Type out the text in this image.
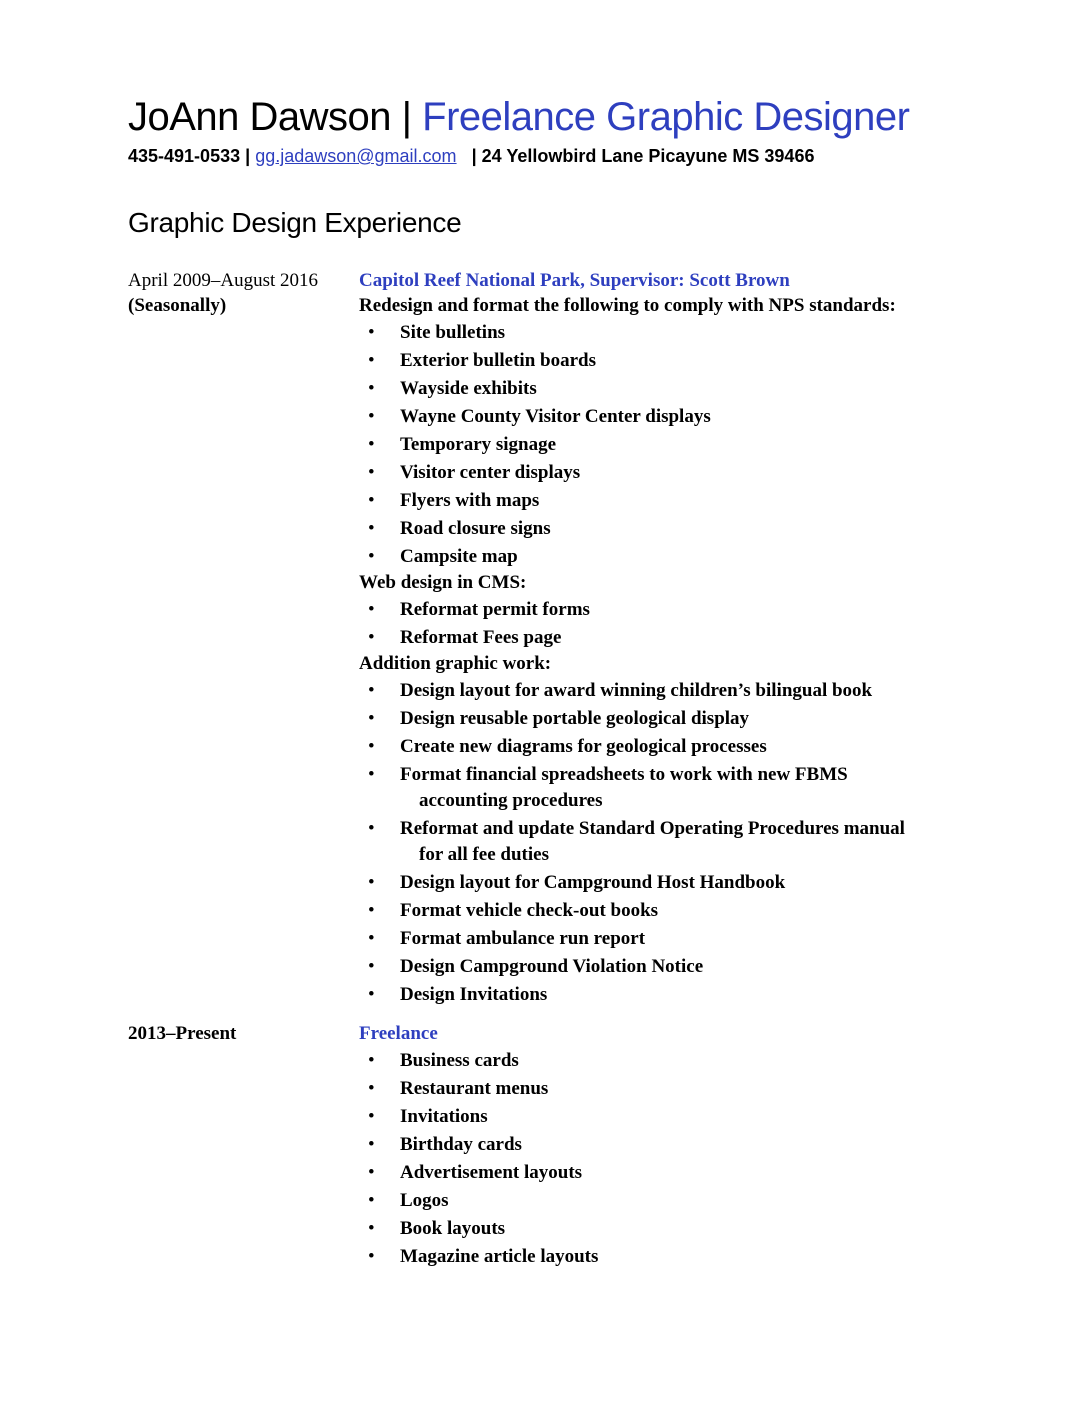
JoAnn Dawson | Freelance Graphic Designer
435-491-0533 | gg.jadawson@gmail.com   | 24 Yellowbird Lane Picayune MS 39466
Graphic Design Experience
April 2009–August 2016
(Seasonally)
Capitol Reef National Park, Supervisor: Scott Brown
Redesign and format the following to comply with NPS standards:
• Site bulletins
• Exterior bulletin boards
• Wayside exhibits
• Wayne County Visitor Center displays
• Temporary signage
• Visitor center displays
• Flyers with maps
• Road closure signs
• Campsite map
Web design in CMS:
• Reformat permit forms
• Reformat Fees page
Addition graphic work:
• Design layout for award winning children’s bilingual book
• Design reusable portable geological display
• Create new diagrams for geological processes
• Format financial spreadsheets to work with new FBMS
accounting procedures
• Reformat and update Standard Operating Procedures manual
for all fee duties
• Design layout for Campground Host Handbook
• Format vehicle check-out books
• Format ambulance run report
• Design Campground Violation Notice
• Design Invitations
2013–Present	Freelance
• Business cards
• Restaurant menus
• Invitations
• Birthday cards
• Advertisement layouts
• Logos
• Book layouts
• Magazine article layouts
